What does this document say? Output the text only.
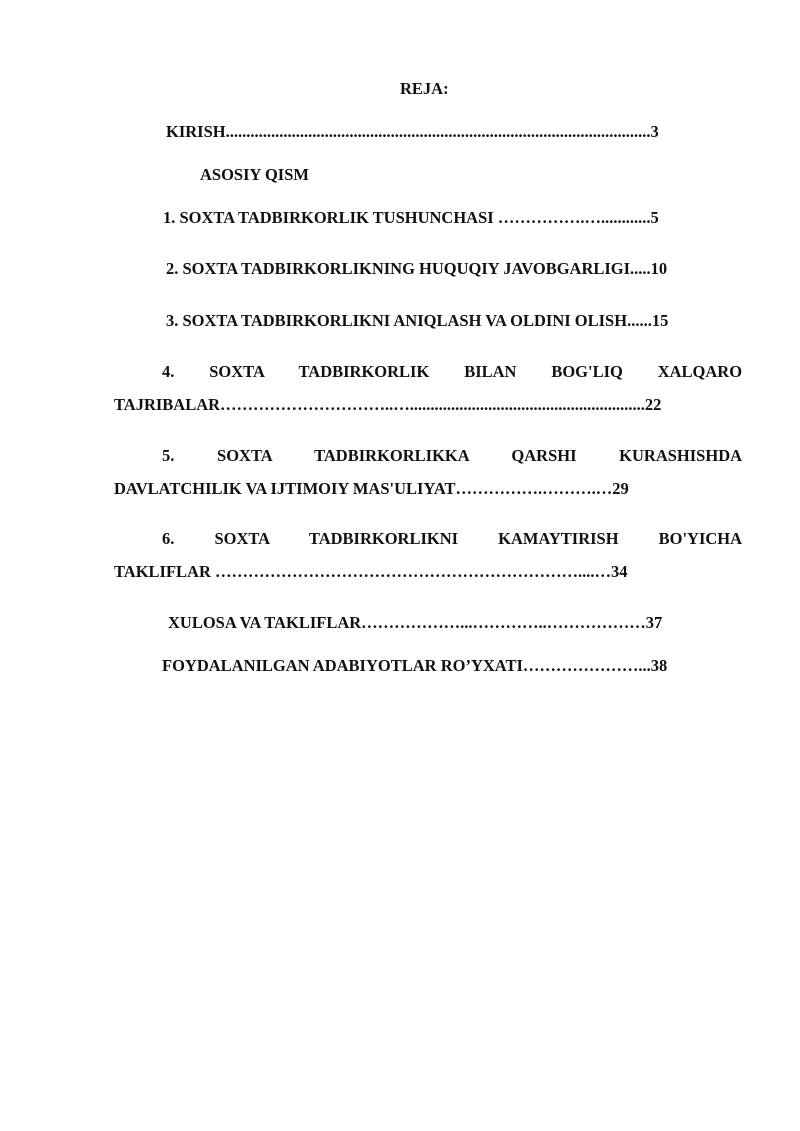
REJA:
KIRISH.......................................................................................................3
ASOSIY QISM
1. SOXTA TADBIRKORLIK TUSHUNCHASI …………….…............5
2. SOXTA TADBIRKORLIKNING HUQUQIY JAVOBGARLIGI.....10
3. SOXTA TADBIRKORLIKNI ANIQLASH VA OLDINI OLISH......15
4. SOXTA TADBIRKORLIK BILAN BOG'LIQ XALQARO
TAJRIBALAR…………………………..….........................................................22
5.	SOXTA	TADBIRKORLIKKA	QARSHI	KURASHISHDA
DAVLATCHILIK VA IJTIMOIY MAS'ULIYAT…………….……….…29
6. SOXTA TADBIRKORLIKNI KAMAYTIRISH BO'YICHA
TAKLIFLAR …………………………………………………………....…34
XULOSA VA TAKLIFLAR………………...…………..………………37
FOYDALANILGAN ADABIYOTLAR RO’YXATI…………………...38
